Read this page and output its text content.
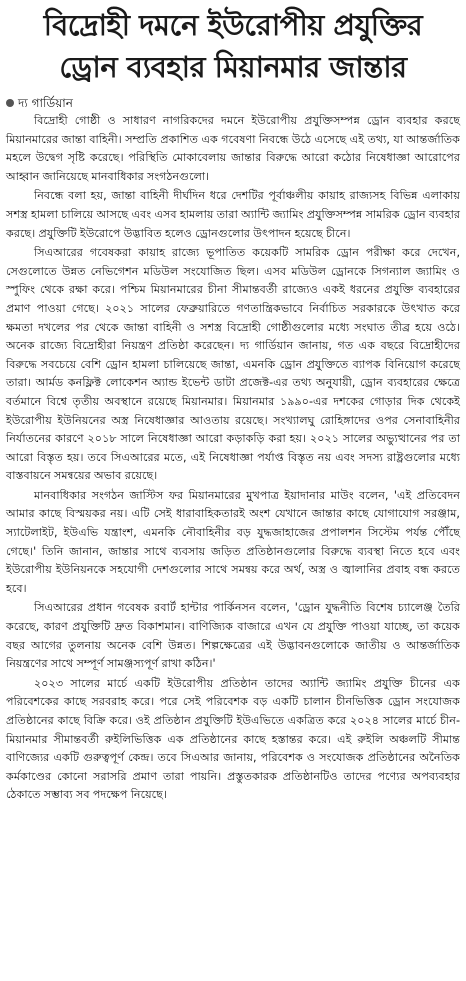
বিদ্রোহী দমনে ইউরোপীয় প্রযুক্তির
ড্রোন ব্যবহার মিয়ানমার জান্তার
দ্য গার্ডিয়ান

বিদ্রোহী গোষ্ঠী ও সাধারণ নাগরিকদের দমনে ইউরোপীয় প্রযুক্তিসম্পন্ন ড্রোন ব্যবহার করছে মিয়ানমারের জান্তা বাহিনী। সম্প্রতি প্রকাশিত এক গবেষণা নিবন্ধে উঠে এসেছে এই তথ্য, যা আন্তর্জাতিক মহলে উদ্বেগ সৃষ্টি করেছে। পরিস্থিতি মোকাবেলায় জান্তার বিরুদ্ধে আরো কঠোর নিষেধাজ্ঞা আরোপের আহ্বান জানিয়েছে মানবাধিকার সংগঠনগুলো।

নিবন্ধে বলা হয়, জান্তা বাহিনী দীর্ঘদিন ধরে দেশটির পূর্বাঞ্চলীয় কায়াহ রাজ্যসহ বিভিন্ন এলাকায় সশস্ত্র হামলা চালিয়ে আসছে এবং এসব হামলায় তারা অ্যান্টি জ্যামিং প্রযুক্তিসম্পন্ন সামরিক ড্রোন ব্যবহার করছে। প্রযুক্তিটি ইউরোপে উদ্ভাবিত হলেও ড্রোনগুলোর উৎপাদন হয়েছে চীনে।

সিএআরের গবেষকরা কায়াহ রাজ্যে ভূপাতিত কয়েকটি সামরিক ড্রোন পরীক্ষা করে দেখেন, সেগুলোতে উন্নত নেভিগেশন মডিউল সংযোজিত ছিল। এসব মডিউল ড্রোনকে সিগন্যাল জ্যামিং ও স্পুফিং থেকে রক্ষা করে। পশ্চিম মিয়ানমারের চীনা সীমান্তবর্তী রাজ্যেও একই ধরনের প্রযুক্তি ব্যবহারের প্রমাণ পাওয়া গেছে। ২০২১ সালের ফেব্রুয়ারিতে গণতান্ত্রিকভাবে নির্বাচিত সরকারকে উৎখাত করে ক্ষমতা দখলের পর থেকে জান্তা বাহিনী ও সশস্ত্র বিদ্রোহী গোষ্ঠীগুলোর মধ্যে সংঘাত তীব্র হয়ে ওঠে। অনেক রাজ্যে বিদ্রোহীরা নিয়ন্ত্রণ প্রতিষ্ঠা করেছেন। দ্য গার্ডিয়ান জানায়, গত এক বছরে বিদ্রোহীদের বিরুদ্ধে সবচেয়ে বেশি ড্রোন হামলা চালিয়েছে জান্তা, এমনকি ড্রোন প্রযুক্তিতে ব্যাপক বিনিয়োগ করেছে তারা। আর্মড কনফ্লিক্ট লোকেশন অ্যান্ড ইভেন্ট ডাটা প্রজেক্ট-এর তথ্য অনুযায়ী, ড্রোন ব্যবহারের ক্ষেত্রে বর্তমানে বিশ্বে তৃতীয় অবস্থানে রয়েছে মিয়ানমার। মিয়ানমার ১৯৯০-এর দশকের গোড়ার দিক থেকেই ইউরোপীয় ইউনিয়নের অস্ত্র নিষেধাজ্ঞার আওতায় রয়েছে। সংখ্যালঘু রোহিঙ্গাদের ওপর সেনাবাহিনীর নির্যাতনের কারণে ২০১৮ সালে নিষেধাজ্ঞা আরো কড়াকড়ি করা হয়। ২০২১ সালের অভ্যুত্থানের পর তা আরো বিস্তৃত হয়। তবে সিএআরের মতে, এই নিষেধাজ্ঞা পর্যাপ্ত বিস্তৃত নয় এবং সদস্য রাষ্ট্রগুলোর মধ্যে বাস্তবায়নে সমন্বয়ের অভাব রয়েছে।

মানবাধিকার সংগঠন জাস্টিস ফর মিয়ানমারের মুখপাত্র ইয়াদানার মাউং বলেন, 'এই প্রতিবেদন আমার কাছে বিস্ময়কর নয়। এটি সেই ধারাবাহিকতারই অংশ যেখানে জান্তার কাছে যোগাযোগ সরঞ্জাম, স্যাটেলাইট, ইউএভি যন্ত্রাংশ, এমনকি নৌবাহিনীর বড় যুদ্ধজাহাজের প্রপালশন সিস্টেম পর্যন্ত পৌঁছে গেছে।' তিনি জানান, জান্তার সাথে ব্যবসায় জড়িত প্রতিষ্ঠানগুলোর বিরুদ্ধে ব্যবস্থা নিতে হবে এবং ইউরোপীয় ইউনিয়নকে সহযোগী দেশগুলোর সাথে সমন্বয় করে অর্থ, অস্ত্র ও জ্বালানির প্রবাহ বন্ধ করতে হবে।

সিএআরের প্রধান গবেষক রবার্ট হান্টার পার্কিনসন বলেন, 'ড্রোন যুদ্ধনীতি বিশেষ চ্যালেঞ্জ তৈরি করেছে, কারণ প্রযুক্তিটি দ্রুত বিকাশমান। বাণিজ্যিক বাজারে এখন যে প্রযুক্তি পাওয়া যাচ্ছে, তা কয়েক বছর আগের তুলনায় অনেক বেশি উন্নত। শিল্পক্ষেত্রের এই উদ্ভাবনগুলোকে জাতীয় ও আন্তর্জাতিক নিয়ন্ত্রণের সাথে সম্পূর্ণ সামঞ্জস্যপূর্ণ রাখা কঠিন।'

২০২৩ সালের মার্চে একটি ইউরোপীয় প্রতিষ্ঠান তাদের অ্যান্টি জ্যামিং প্রযুক্তি চীনের এক পরিবেশকের কাছে সরবরাহ করে। পরে সেই পরিবেশক বড় একটি চালান চীনভিত্তিক ড্রোন সংযোজক প্রতিষ্ঠানের কাছে বিক্রি করে। ওই প্রতিষ্ঠান প্রযুক্তিটি ইউএভিতে একত্রিত করে ২০২৪ সালের মার্চে চীন-মিয়ানমার সীমান্তবর্তী রুইলিভিত্তিক এক প্রতিষ্ঠানের কাছে হস্তান্তর করে। এই রুইলি অঞ্চলটি সীমান্ত বাণিজ্যের একটি গুরুত্বপূর্ণ কেন্দ্র। তবে সিএআর জানায়, পরিবেশক ও সংযোজক প্রতিষ্ঠানের অনৈতিক কর্মকাণ্ডের কোনো সরাসরি প্রমাণ তারা পায়নি। প্রস্তুতকারক প্রতিষ্ঠানটিও তাদের পণ্যের অপব্যবহার ঠেকাতে সম্ভাব্য সব পদক্ষেপ নিয়েছে।
